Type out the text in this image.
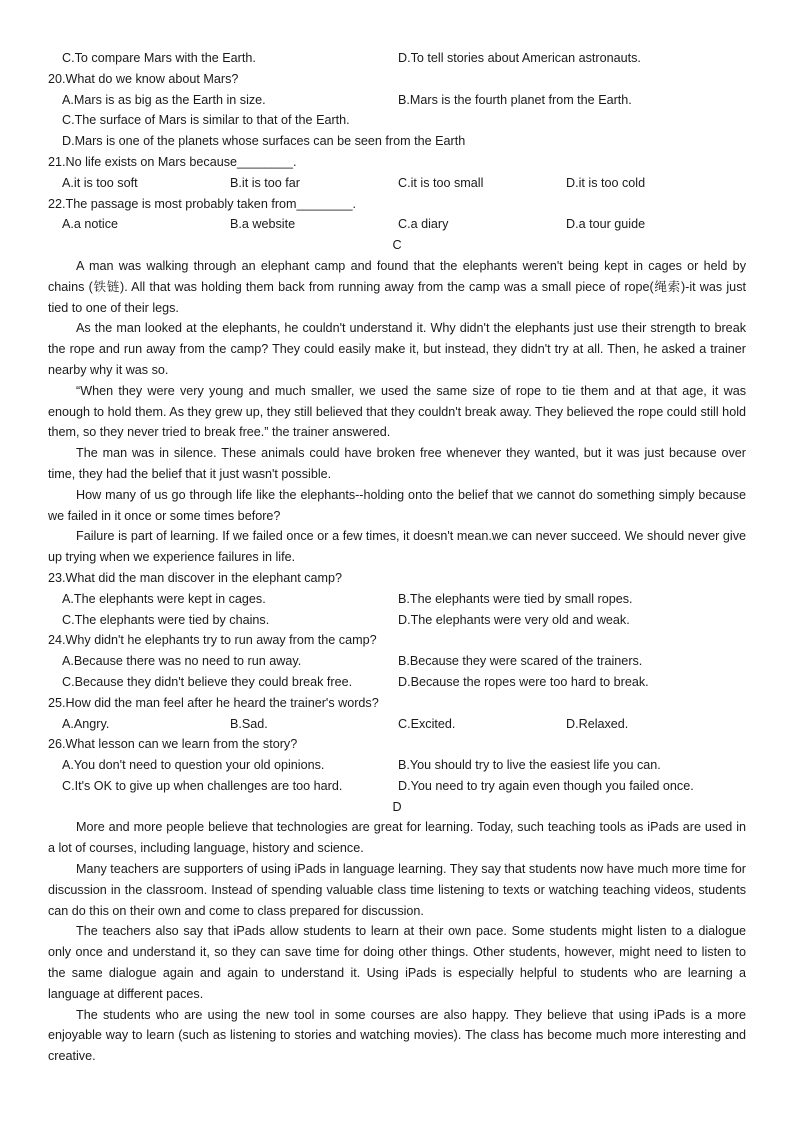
C.To compare Mars with the Earth.	D.To tell stories about American astronauts.
20.What do we know about Mars?
A.Mars is as big as the Earth in size.	B.Mars is the fourth planet from the Earth.
C.The surface of Mars is similar to that of the Earth.
D.Mars is one of the planets whose surfaces can be seen from the Earth
21.No life exists on Mars because________.
A.it is too soft	B.it is too far	C.it is too small	D.it is too cold
22.The passage is most probably taken from________.
A.a notice	B.a website	C.a diary	D.a tour guide
C

A man was walking through an elephant camp and found that the elephants weren't being kept in cages or held by chains (铁链). All that was holding them back from running away from the camp was a small piece of rope(绳索)-it was just tied to one of their legs.

As the man looked at the elephants, he couldn't understand it. Why didn't the elephants just use their strength to break the rope and run away from the camp? They could easily make it, but instead, they didn't try at all. Then, he asked a trainer nearby why it was so.

“When they were very young and much smaller, we used the same size of rope to tie them and at that age, it was enough to hold them. As they grew up, they still believed that they couldn't break away. They believed the rope could still hold them, so they never tried to break free.” the trainer answered.

The man was in silence. These animals could have broken free whenever they wanted, but it was just because over time, they had the belief that it just wasn't possible.

How many of us go through life like the elephants--holding onto the belief that we cannot do something simply because we failed in it once or some times before?

Failure is part of learning. If we failed once or a few times, it doesn't mean.we can never succeed. We should never give up trying when we experience failures in life.

23.What did the man discover in the elephant camp?
A.The elephants were kept in cages.	B.The elephants were tied by small ropes.
C.The elephants were tied by chains.	D.The elephants were very old and weak.
24.Why didn't he elephants try to run away from the camp?
A.Because there was no need to run away.	B.Because they were scared of the trainers.
C.Because they didn't believe they could break free.	D.Because the ropes were too hard to break.
25.How did the man feel after he heard the trainer's words?
A.Angry.	B.Sad.	C.Excited.	D.Relaxed.
26.What lesson can we learn from the story?
A.You don't need to question your old opinions.	B.You should try to live the easiest life you can.
C.It's OK to give up when challenges are too hard.	D.You need to try again even though you failed once.
D

More and more people believe that technologies are great for learning. Today, such teaching tools as iPads are used in a lot of courses, including language, history and science.

Many teachers are supporters of using iPads in language learning. They say that students now have much more time for discussion in the classroom. Instead of spending valuable class time listening to texts or watching teaching videos, students can do this on their own and come to class prepared for discussion.

The teachers also say that iPads allow students to learn at their own pace. Some students might listen to a dialogue only once and understand it, so they can save time for doing other things. Other students, however, might need to listen to the same dialogue again and again to understand it. Using iPads is especially helpful to students who are learning a language at different paces.

The students who are using the new tool in some courses are also happy. They believe that using iPads is a more enjoyable way to learn (such as listening to stories and watching movies). The class has become much more interesting and creative.
